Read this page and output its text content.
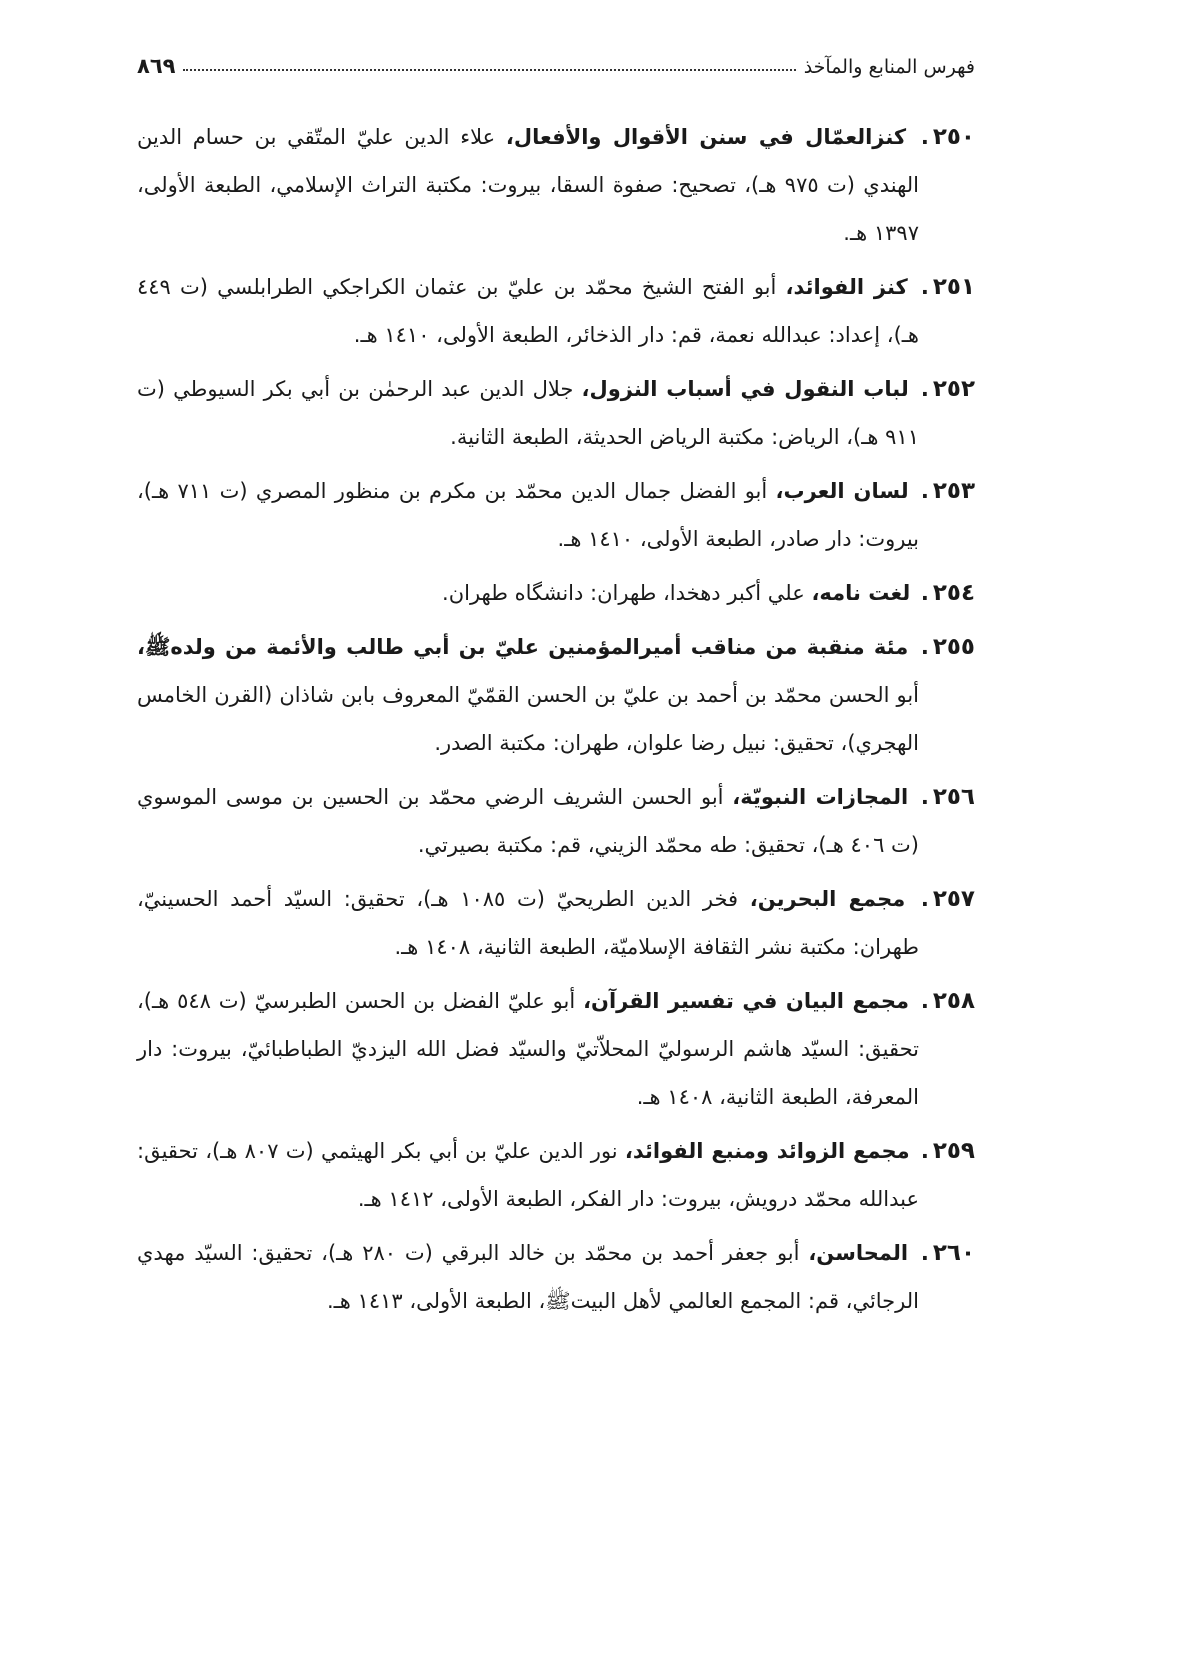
فهرس المنابع والمآخذ
٨٦٩

٢٥٠. كنزالعمّال في سنن الأقوال والأفعال، علاء الدين عليّ المتّقي بن حسام الدين الهندي (ت ٩٧٥ هـ)، تصحيح: صفوة السقا، بيروت: مكتبة التراث الإسلامي، الطبعة الأولى، ١٣٩٧ هـ.

٢٥١. كنز الفوائد، أبو الفتح الشيخ محمّد بن عليّ بن عثمان الكراجكي الطرابلسي (ت ٤٤٩ هـ)، إعداد: عبدالله نعمة، قم: دار الذخائر، الطبعة الأولى، ١٤١٠ هـ.

٢٥٢. لباب النقول في أسباب النزول، جلال الدين عبد الرحمٰن بن أبي بكر السيوطي (ت ٩١١ هـ)، الرياض: مكتبة الرياض الحديثة، الطبعة الثانية.

٢٥٣. لسان العرب، أبو الفضل جمال الدين محمّد بن مكرم بن منظور المصري (ت ٧١١ هـ)، بيروت: دار صادر، الطبعة الأولى، ١٤١٠ هـ.

٢٥٤. لغت نامه، علي أكبر دهخدا، طهران: دانشگاه طهران.

٢٥٥. مئة منقبة من مناقب أميرالمؤمنين عليّ بن أبي طالب والأئمة من ولدهﷺ، أبو الحسن محمّد بن أحمد بن عليّ بن الحسن القمّيّ المعروف بابن شاذان (القرن الخامس الهجري)، تحقيق: نبيل رضا علوان، طهران: مكتبة الصدر.

٢٥٦. المجازات النبويّة، أبو الحسن الشريف الرضي محمّد بن الحسين بن موسى الموسوي (ت ٤٠٦ هـ)، تحقيق: طه محمّد الزيني، قم: مكتبة بصيرتي.

٢٥٧. مجمع البحرين، فخر الدين الطريحيّ (ت ١٠٨٥ هـ)، تحقيق: السيّد أحمد الحسينيّ، طهران: مكتبة نشر الثقافة الإسلاميّة، الطبعة الثانية، ١٤٠٨ هـ.

٢٥٨. مجمع البيان في تفسير القرآن، أبو عليّ الفضل بن الحسن الطبرسيّ (ت ٥٤٨ هـ)، تحقيق: السيّد هاشم الرسوليّ المحلاّتيّ والسيّد فضل الله اليزديّ الطباطبائيّ، بيروت: دار المعرفة، الطبعة الثانية، ١٤٠٨ هـ.

٢٥٩. مجمع الزوائد ومنبع الفوائد، نور الدين عليّ بن أبي بكر الهيثمي (ت ٨٠٧ هـ)، تحقيق: عبدالله محمّد درويش، بيروت: دار الفكر، الطبعة الأولى، ١٤١٢ هـ.

٢٦٠. المحاسن، أبو جعفر أحمد بن محمّد بن خالد البرقي (ت ٢٨٠ هـ)، تحقيق: السيّد مهدي الرجائي، قم: المجمع العالمي لأهل البيتﷺ، الطبعة الأولى، ١٤١٣ هـ.
